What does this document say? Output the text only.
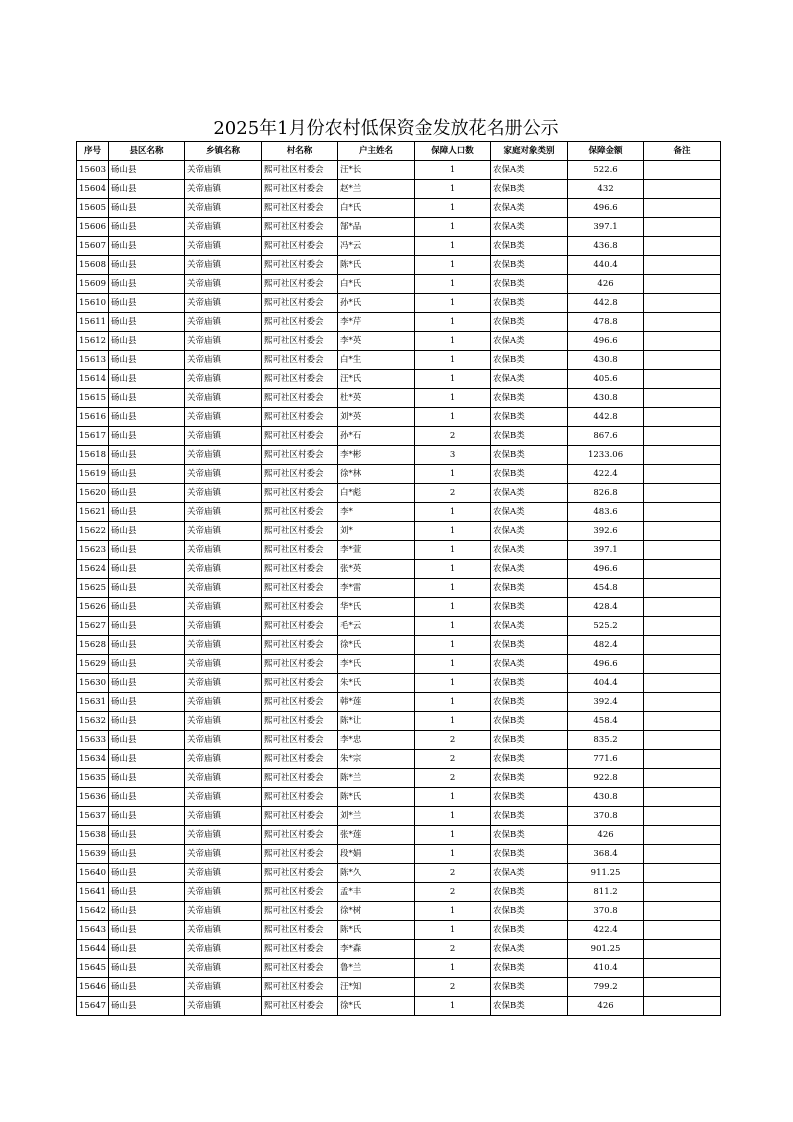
2025年1月份农村低保资金发放花名册公示
序号	县区名称	乡镇名称	村名称	户主姓名	保障人口数	家庭对象类别	保障金额	备注
15603	砀山县	关帝庙镇	熙可社区村委会	汪*长	1	农保A类	522.6	
15604	砀山县	关帝庙镇	熙可社区村委会	赵*兰	1	农保B类	432	
15605	砀山县	关帝庙镇	熙可社区村委会	白*氏	1	农保A类	496.6	
15606	砀山县	关帝庙镇	熙可社区村委会	郜*品	1	农保A类	397.1	
15607	砀山县	关帝庙镇	熙可社区村委会	冯*云	1	农保B类	436.8	
15608	砀山县	关帝庙镇	熙可社区村委会	陈*氏	1	农保B类	440.4	
15609	砀山县	关帝庙镇	熙可社区村委会	白*氏	1	农保B类	426	
15610	砀山县	关帝庙镇	熙可社区村委会	孙*氏	1	农保B类	442.8	
15611	砀山县	关帝庙镇	熙可社区村委会	李*芹	1	农保B类	478.8	
15612	砀山县	关帝庙镇	熙可社区村委会	李*英	1	农保A类	496.6	
15613	砀山县	关帝庙镇	熙可社区村委会	白*生	1	农保B类	430.8	
15614	砀山县	关帝庙镇	熙可社区村委会	汪*氏	1	农保A类	405.6	
15615	砀山县	关帝庙镇	熙可社区村委会	杜*英	1	农保B类	430.8	
15616	砀山县	关帝庙镇	熙可社区村委会	刘*英	1	农保B类	442.8	
15617	砀山县	关帝庙镇	熙可社区村委会	孙*石	2	农保B类	867.6	
15618	砀山县	关帝庙镇	熙可社区村委会	李*彬	3	农保B类	1233.06	
15619	砀山县	关帝庙镇	熙可社区村委会	徐*林	1	农保B类	422.4	
15620	砀山县	关帝庙镇	熙可社区村委会	白*彪	2	农保A类	826.8	
15621	砀山县	关帝庙镇	熙可社区村委会	李*	1	农保A类	483.6	
15622	砀山县	关帝庙镇	熙可社区村委会	刘*	1	农保A类	392.6	
15623	砀山县	关帝庙镇	熙可社区村委会	李*萱	1	农保A类	397.1	
15624	砀山县	关帝庙镇	熙可社区村委会	张*英	1	农保A类	496.6	
15625	砀山县	关帝庙镇	熙可社区村委会	李*雷	1	农保B类	454.8	
15626	砀山县	关帝庙镇	熙可社区村委会	华*氏	1	农保B类	428.4	
15627	砀山县	关帝庙镇	熙可社区村委会	毛*云	1	农保A类	525.2	
15628	砀山县	关帝庙镇	熙可社区村委会	徐*氏	1	农保B类	482.4	
15629	砀山县	关帝庙镇	熙可社区村委会	李*氏	1	农保A类	496.6	
15630	砀山县	关帝庙镇	熙可社区村委会	朱*氏	1	农保B类	404.4	
15631	砀山县	关帝庙镇	熙可社区村委会	韩*莲	1	农保B类	392.4	
15632	砀山县	关帝庙镇	熙可社区村委会	陈*让	1	农保B类	458.4	
15633	砀山县	关帝庙镇	熙可社区村委会	李*忠	2	农保B类	835.2	
15634	砀山县	关帝庙镇	熙可社区村委会	朱*宗	2	农保B类	771.6	
15635	砀山县	关帝庙镇	熙可社区村委会	陈*兰	2	农保B类	922.8	
15636	砀山县	关帝庙镇	熙可社区村委会	陈*氏	1	农保B类	430.8	
15637	砀山县	关帝庙镇	熙可社区村委会	刘*兰	1	农保B类	370.8	
15638	砀山县	关帝庙镇	熙可社区村委会	张*莲	1	农保B类	426	
15639	砀山县	关帝庙镇	熙可社区村委会	段*娟	1	农保B类	368.4	
15640	砀山县	关帝庙镇	熙可社区村委会	陈*久	2	农保A类	911.25	
15641	砀山县	关帝庙镇	熙可社区村委会	孟*丰	2	农保B类	811.2	
15642	砀山县	关帝庙镇	熙可社区村委会	徐*树	1	农保B类	370.8	
15643	砀山县	关帝庙镇	熙可社区村委会	陈*氏	1	农保B类	422.4	
15644	砀山县	关帝庙镇	熙可社区村委会	李*森	2	农保A类	901.25	
15645	砀山县	关帝庙镇	熙可社区村委会	鲁*兰	1	农保B类	410.4	
15646	砀山县	关帝庙镇	熙可社区村委会	汪*知	2	农保B类	799.2	
15647	砀山县	关帝庙镇	熙可社区村委会	徐*氏	1	农保B类	426	
